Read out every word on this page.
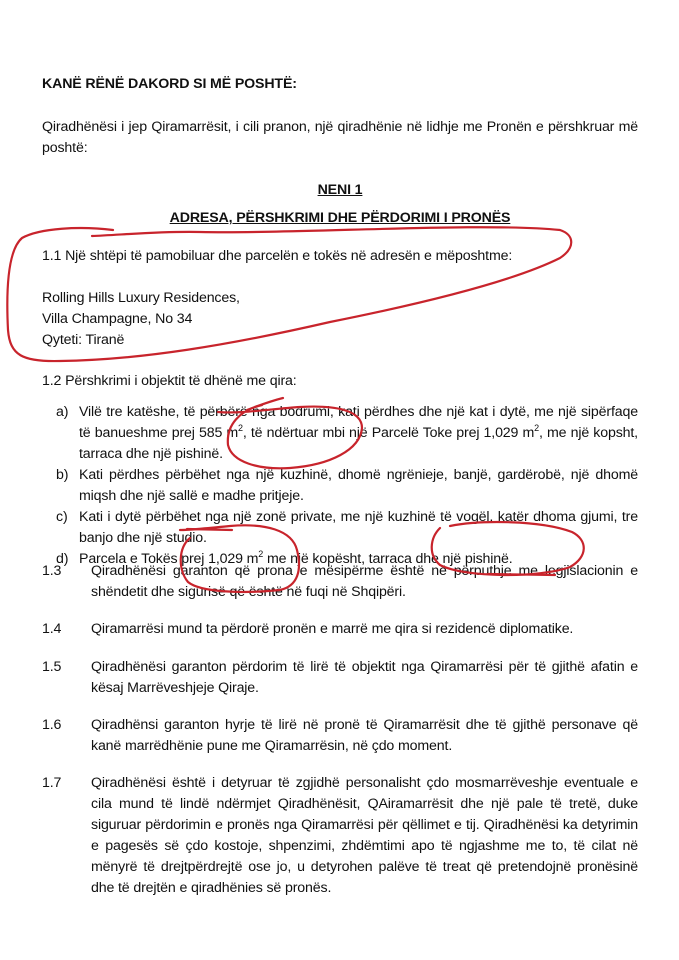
KANË RËNË DAKORD SI MË POSHTË:
Qiradhënësi i jep Qiramarrësit, i cili pranon, një qiradhënie në lidhje me Pronën e përshkruar më poshtë:
NENI 1
ADRESA, PËRSHKRIMI DHE PËRDORIMI I PRONËS
1.1 Një shtëpi të pamobiluar dhe parcelën e tokës në adresën e mëposhtme:
Rolling Hills Luxury Residences,
Villa Champagne, No 34
Qyteti: Tiranë
1.2 Përshkrimi i objektit të dhënë me qira:
a) Vilë tre katëshe, të përbërë nga bodrumi, kati përdhes dhe një kat i dytë, me një sipërfaqe të banueshme prej 585 $m^2$, të ndërtuar mbi një Parcelë Toke prej 1,029 $m^2$, me një kopsht, tarraca dhe një pishinë.
b) Kati përdhes përbëhet nga një kuzhinë, dhomë ngrënieje, banjë, gardërobë, një dhomë miqsh dhe një sallë e madhe pritjeje.
c) Kati i dytë përbëhet nga një zonë private, me një kuzhinë të vogël, katër dhoma gjumi, tre banjo dhe një studio.
d) Parcela e Tokës prej 1,029 $m^2$ me një kopësht, tarraca dhe një pishinë.
1.3 Qiradhënësi garanton që prona e mësipërme është në përputhje me legjislacionin e shëndetit dhe sigurisë që është në fuqi në Shqipëri.
1.4 Qiramarrësi mund ta përdorë pronën e marrë me qira si rezidencë diplomatike.
1.5 Qiradhënësi garanton përdorim të lirë të objektit nga Qiramarrësi për të gjithë afatin e kësaj Marrëveshjeje Qiraje.
1.6 Qiradhënsi garanton hyrje të lirë në pronë të Qiramarrësit dhe të gjithë personave që kanë marrëdhënie pune me Qiramarrësin, në çdo moment.
1.7 Qiradhënësi është i detyruar të zgjidhë personalisht çdo mosmarrëveshje eventuale e cila mund të lindë ndërmjet Qiradhënësit, QAiramarrësit dhe një pale të tretë, duke siguruar përdorimin e pronës nga Qiramarrësi për qëllimet e tij. Qiradhënësi ka detyrimin e pagesës së çdo kostoje, shpenzimi, zhdëmtimi apo të ngjashme me to, të cilat në mënyrë të drejtpërdrejtë ose jo, u detyrohen palëve të treat që pretendojnë pronësinë dhe të drejtën e qiradhënies së pronës.
